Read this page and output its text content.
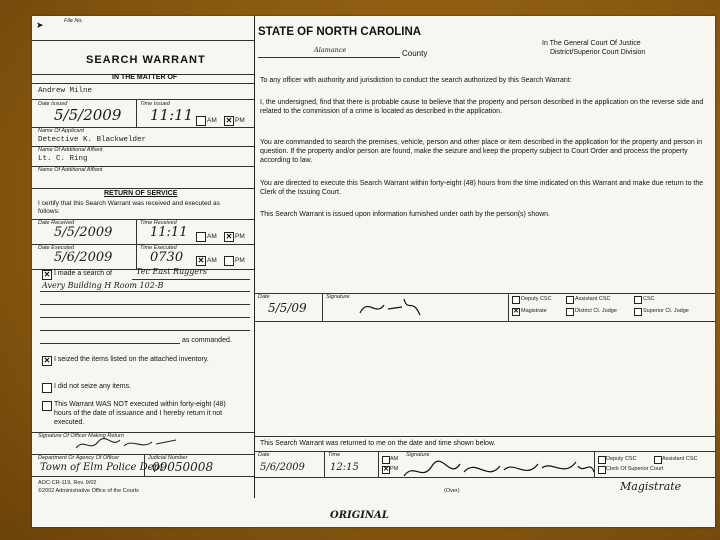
File No.
➤
SEARCH WARRANT
IN THE MATTER OF
Andrew Milne
Date Issued	Time Issued
5/5/2009 11:11 AM ✕ PM
Name Of Applicant
Detective K. Blackwelder
Name Of Additional Affiant
Lt. C. Ring
Name Of Additional Affiant
RETURN OF SERVICE
I certify that this Search Warrant was received and executed as follows:
Date Received	Time Received
5/5/2009	11:11	AM ✕ PM
Date Executed	Time Executed
5/6/2009	0730 ✕ AM	PM
✕ I made a search of	Tec East Ruggers
Avery Building H Room 102-B
as commanded.
✕ I seized the items listed on the attached inventory.
I did not seize any items.
This Warrant WAS NOT executed within forty-eight (48) hours of the date of issuance and I hereby return it not executed.
Signature Of Officer Making Return
Department Or Agency Of Officer	Judicial Number
Town of Elm Police Dept
09050008
AOC-CR-119, Rev. 9/02
©2002 Administrative Office of the Courts
STATE OF NORTH CAROLINA
Alamance	County
In The General Court Of Justice
District/Superior Court Division
To any officer with authority and jurisdiction to conduct the search authorized by this Search Warrant:
I, the undersigned, find that there is probable cause to believe that the property and person described in the application on the reverse side and related to the commission of a crime is located as described in the application.
You are commanded to search the premises, vehicle, person and other place or item described in the application for the property and person in question. If the property and/or person are found, make the seizure and keep the property subject to Court Order and process the property according to law.
You are directed to execute this Search Warrant within forty-eight (48) hours from the time indicated on this Warrant and make due return to the Clerk of the Issuing Court.
This Search Warrant is issued upon information furnished under oath by the person(s) shown.
Date
5/5/09
Signature	Deputy CSC	Assistant CSC	CSC
✕ Magistrate	District Ct. Judge	Superior Ct. Judge
This Search Warrant was returned to me on the date and time shown below.
Date
5/6/2009
Time
12:15
AM
✕ PM
Signature
Deputy CSC	Assistant CSC
Clerk Of Superior Court
Magistrate
(Over)
ORIGINAL
